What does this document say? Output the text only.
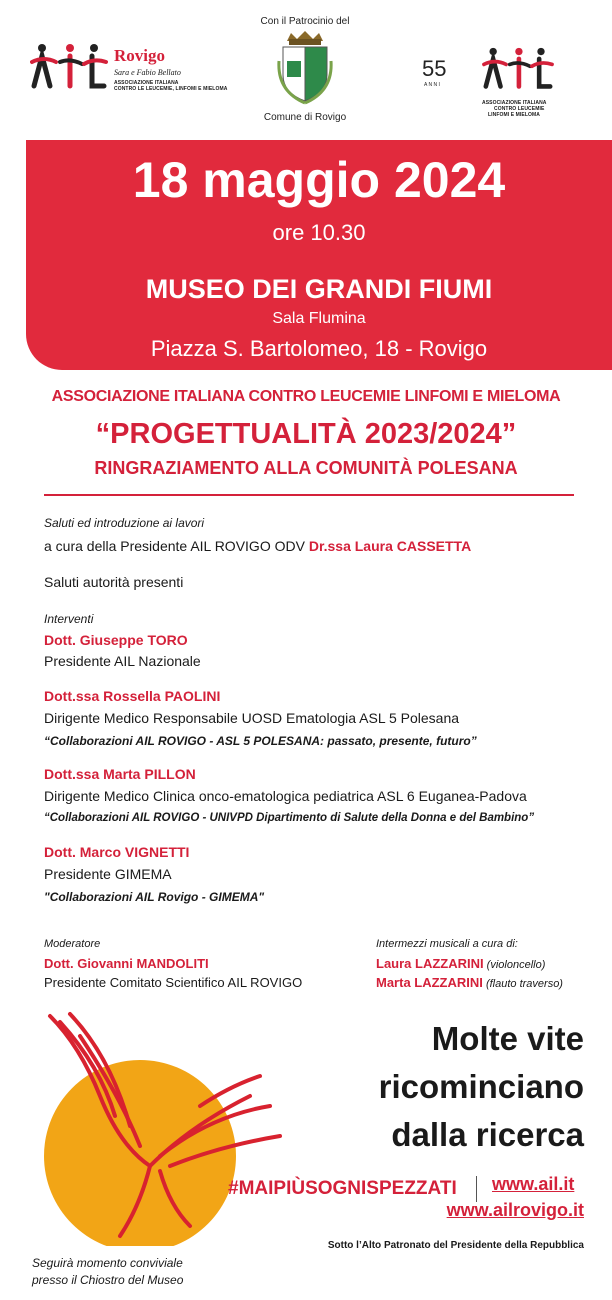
Rovigo
Sara e Fabio Bellato
ASSOCIAZIONE ITALIANA
CONTRO LE LEUCEMIE, LINFOMI E MIELOMA
Con il Patrocinio del
Comune di Rovigo
55
A N N I
ASSOCIAZIONE ITALIANA
CONTRO LEUCEMIE
LINFOMI E MIELOMA
18 maggio 2024
ore 10.30
MUSEO DEI GRANDI FIUMI
Sala Flumina
Piazza S. Bartolomeo, 18 - Rovigo
ASSOCIAZIONE ITALIANA CONTRO LEUCEMIE LINFOMI E MIELOMA
“PROGETTUALITÀ 2023/2024”
RINGRAZIAMENTO ALLA COMUNITÀ POLESANA
Saluti ed introduzione ai lavori
a cura della Presidente AIL ROVIGO ODV Dr.ssa Laura CASSETTA
Saluti autorità presenti
Interventi
Dott. Giuseppe TORO
Presidente AIL Nazionale
Dott.ssa Rossella PAOLINI
Dirigente Medico Responsabile UOSD Ematologia ASL 5 Polesana
“Collaborazioni AIL ROVIGO - ASL 5 POLESANA: passato, presente, futuro”
Dott.ssa Marta PILLON
Dirigente Medico Clinica onco-ematologica pediatrica ASL 6 Euganea-Padova
“Collaborazioni AIL ROVIGO - UNIVPD Dipartimento di Salute della Donna e del Bambino”
Dott. Marco VIGNETTI
Presidente GIMEMA
"Collaborazioni AIL Rovigo - GIMEMA"
Moderatore
Dott. Giovanni MANDOLITI
Presidente Comitato Scientifico AIL ROVIGO
Intermezzi musicali a cura di:
Laura LAZZARINI (violoncello)
Marta LAZZARINI (flauto traverso)
Molte vite
ricominciano
dalla ricerca
#MAIPIÙSOGNISPEZZATI www.ail.it
www.ailrovigo.it
Sotto l’Alto Patronato del Presidente della Repubblica
Seguirà momento conviviale
presso il Chiostro del Museo
